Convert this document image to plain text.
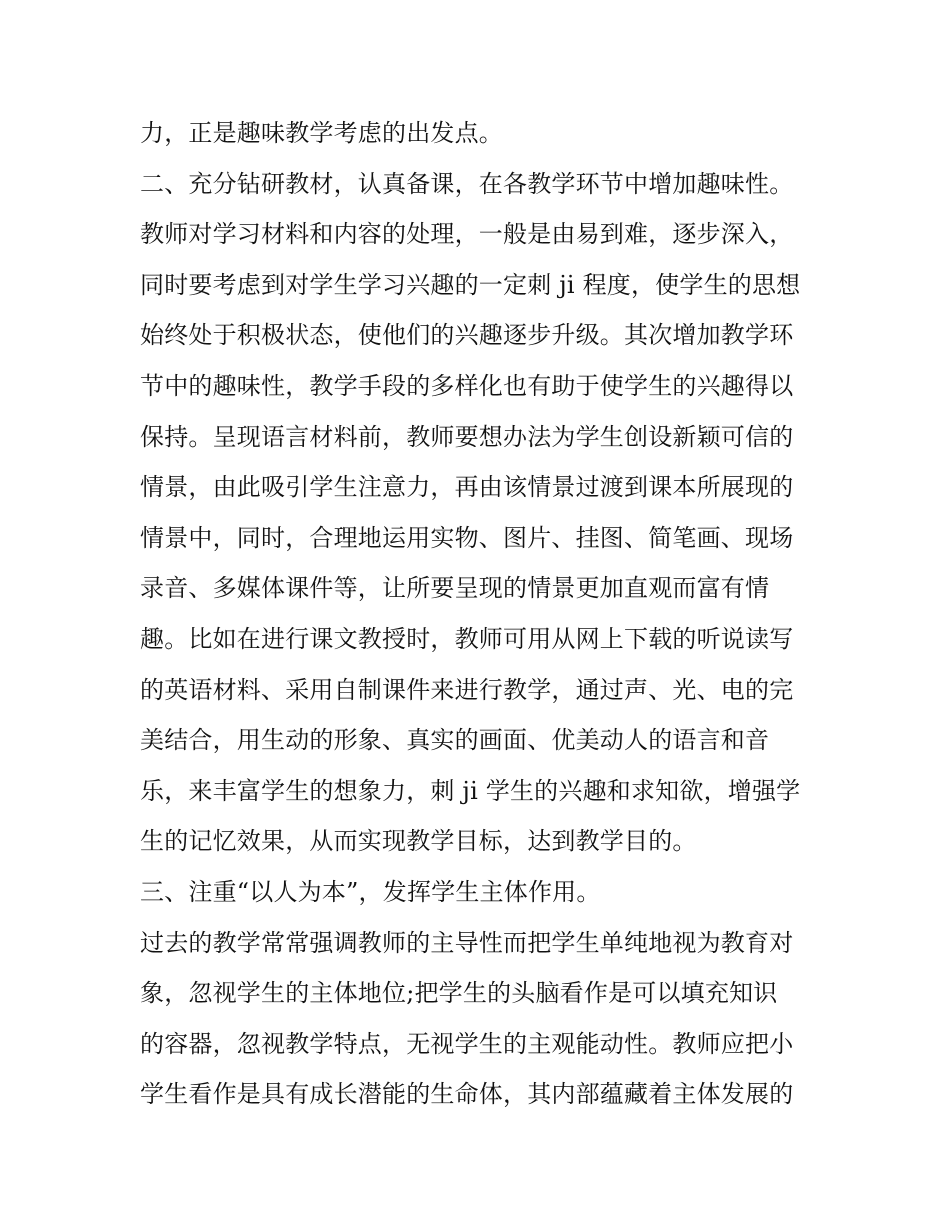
力，正是趣味教学考虑的出发点。
二、充分钻研教材，认真备课，在各教学环节中增加趣味性。
教师对学习材料和内容的处理，一般是由易到难，逐步深入，
同时要考虑到对学生学习兴趣的一定刺 ji 程度，使学生的思想
始终处于积极状态，使他们的兴趣逐步升级。其次增加教学环
节中的趣味性，教学手段的多样化也有助于使学生的兴趣得以
保持。呈现语言材料前，教师要想办法为学生创设新颖可信的
情景，由此吸引学生注意力，再由该情景过渡到课本所展现的
情景中，同时，合理地运用实物、图片、挂图、简笔画、现场
录音、多媒体课件等，让所要呈现的情景更加直观而富有情
趣。比如在进行课文教授时，教师可用从网上下载的听说读写
的英语材料、采用自制课件来进行教学，通过声、光、电的完
美结合，用生动的形象、真实的画面、优美动人的语言和音
乐，来丰富学生的想象力，刺 ji 学生的兴趣和求知欲，增强学
生的记忆效果，从而实现教学目标，达到教学目的。
三、注重“以人为本”，发挥学生主体作用。
过去的教学常常强调教师的主导性而把学生单纯地视为教育对
象，忽视学生的主体地位;把学生的头脑看作是可以填充知识
的容器，忽视教学特点，无视学生的主观能动性。教师应把小
学生看作是具有成长潜能的生命体，其内部蕴藏着主体发展的
